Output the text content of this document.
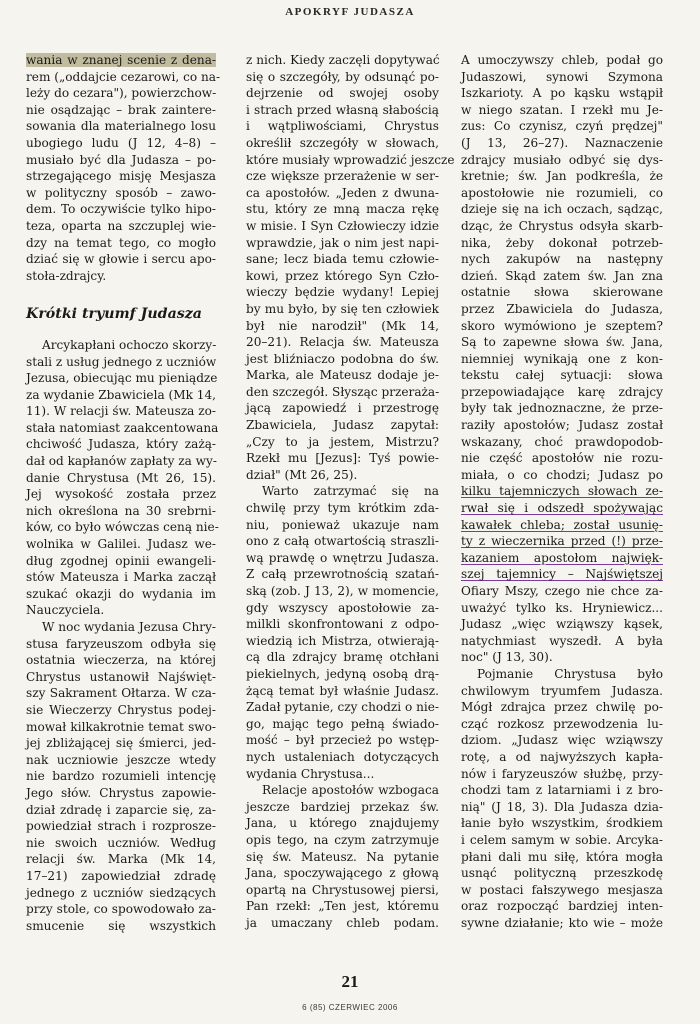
APOKRYF JUDASZA
wania w znanej scenie z dena-
rem („oddajcie cezarowi, co na-
leży do cezara"), powierzchow-
nie osądzając – brak zaintere-
sowania dla materialnego losu
ubogiego ludu (J 12, 4–8) –
musiało być dla Judasza – po-
strzegającego misję Mesjasza
w polityczny sposób – zawo-
dem. To oczywiście tylko hipo-
teza, oparta na szczuplej wie-
dzy na temat tego, co mogło
dziać się w głowie i sercu apo-
stoła-zdrajcy.
Krótki tryumf Judasza
Arcykapłani ochoczo skorzy-
stali z usług jednego z uczniów
Jezusa, obiecując mu pieniądze
za wydanie Zbawiciela (Mk 14,
11). W relacji św. Mateusza zo-
stała natomiast zaakcentowana
chciwość Judasza, który zażą-
dał od kapłanów zapłaty za wy-
danie Chrystusa (Mt 26, 15).
Jej wysokość została przez
nich określona na 30 srebrni-
ków, co było wówczas ceną nie-
wolnika w Galilei. Judasz we-
dług zgodnej opinii ewangeli-
stów Mateusza i Marka zaczął
szukać okazji do wydania im
Nauczyciela.
W noc wydania Jezusa Chry-
stusa faryzeuszom odbyła się
ostatnia wieczerza, na której
Chrystus ustanowił Najświęt-
szy Sakrament Ołtarza. W cza-
sie Wieczerzy Chrystus podej-
mował kilkakrotnie temat swo-
jej zbliżającej się śmierci, jed-
nak uczniowie jeszcze wtedy
nie bardzo rozumieli intencję
Jego słów. Chrystus zapowie-
dział zdradę i zaparcie się, za-
powiedział strach i rozprosze-
nie swoich uczniów. Według
relacji św. Marka (Mk 14,
17–21) zapowiedział zdradę
jednego z uczniów siedzących
przy stole, co spowodowało za-
smucenie się wszystkich
z nich. Kiedy zaczęli dopytywać
się o szczegóły, by odsunąć po-
dejrzenie od swojej osoby
i strach przed własną słabością
i wątpliwościami, Chrystus
określił szczegóły w słowach,
które musiały wprowadzić jeszcze
cze większe przerażenie w ser-
ca apostołów. „Jeden z dwuna-
stu, który ze mną macza rękę
w misie. I Syn Człowieczy idzie
wprawdzie, jak o nim jest napi-
sane; lecz biada temu człowie-
kowi, przez którego Syn Czło-
wieczy będzie wydany! Lepiej
by mu było, by się ten człowiek
był nie narodził" (Mk 14,
20–21). Relacja św. Mateusza
jest bliźniaczo podobna do św.
Marka, ale Mateusz dodaje je-
den szczegół. Słysząc przeraża-
jącą zapowiedź i przestrogę
Zbawiciela, Judasz zapytał:
„Czy to ja jestem, Mistrzu?
Rzekł mu [Jezus]: Tyś powie-
dział" (Mt 26, 25).
Warto zatrzymać się na
chwilę przy tym krótkim zda-
niu, ponieważ ukazuje nam
ono z całą otwartością straszli-
wą prawdę o wnętrzu Judasza.
Z całą przewrotnością szatań-
ską (zob. J 13, 2), w momencie,
gdy wszyscy apostołowie za-
milkli skonfrontowani z odpo-
wiedzią ich Mistrza, otwierają-
cą dla zdrajcy bramę otchłani
piekielnych, jedyną osobą drą-
żącą temat był właśnie Judasz.
Zadał pytanie, czy chodzi o nie-
go, mając tego pełną świado-
mość – był przecież po wstęp-
nych ustaleniach dotyczących
wydania Chrystusa...
Relacje apostołów wzbogaca
jeszcze bardziej przekaz św.
Jana, u którego znajdujemy
opis tego, na czym zatrzymuje
się św. Mateusz. Na pytanie
Jana, spoczywającego z głową
opartą na Chrystusowej piersi,
Pan rzekł: „Ten jest, któremu
ja umaczany chleb podam.
A umoczywszy chleb, podał go
Judaszowi, synowi Szymona
Iszkarioty. A po kąsku wstąpił
w niego szatan. I rzekł mu Je-
zus: Co czynisz, czyń prędzej"
(J 13, 26–27). Naznaczenie
zdrajcy musiało odbyć się dys-
kretnie; św. Jan podkreśla, że
apostołowie nie rozumieli, co
dzieje się na ich oczach, sądząc,
dząc, że Chrystus odsyła skarb-
nika, żeby dokonał potrzeb-
nych zakupów na następny
dzień. Skąd zatem św. Jan zna
ostatnie słowa skierowane
przez Zbawiciela do Judasza,
skoro wymówiono je szeptem?
Są to zapewne słowa św. Jana,
niemniej wynikają one z kon-
tekstu całej sytuacji: słowa
przepowiadające karę zdrajcy
były tak jednoznaczne, że prze-
raziły apostołów; Judasz został
wskazany, choć prawdopodob-
nie część apostołów nie rozu-
miała, o co chodzi; Judasz po
kilku tajemniczych słowach ze-
rwał się i odszedł spożywając
kawałek chleba; został usunię-
ty z wieczernika przed (!) prze-
kazaniem apostołom najwięk-
szej tajemnicy – Najświętszej
Ofiary Mszy, czego nie chce za-
uważyć tylko ks. Hryniewicz...
Judasz „więc wziąwszy kąsek,
natychmiast wyszedł. A była
noc" (J 13, 30).
Pojmanie Chrystusa było
chwilowym tryumfem Judasza.
Mógł zdrajca przez chwilę po-
cząć rozkosz przewodzenia lu-
dziom. „Judasz więc wziąwszy
rotę, a od najwyższych kapła-
nów i faryzeuszów służbę, przy-
chodzi tam z latarniami i z bro-
nią" (J 18, 3). Dla Judasza dzia-
łanie było wszystkim, środkiem
i celem samym w sobie. Arcyka-
płani dali mu siłę, która mogła
usnąć polityczną przeszkodę
w postaci fałszywego mesjasza
oraz rozpocząć bardziej inten-
sywne działanie; kto wie – może
21
6 (85) CZERWIEC 2006
